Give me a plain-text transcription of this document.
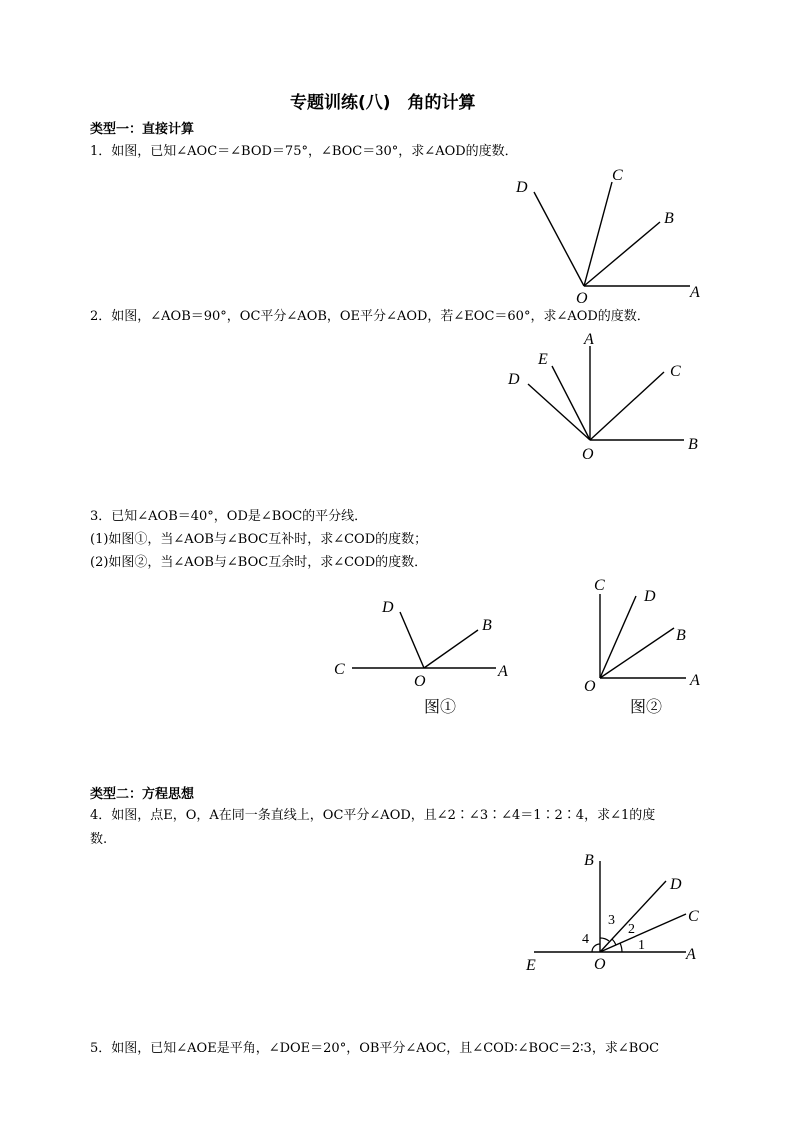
专题训练(八)　角的计算
类型一：直接计算
1．如图，已知∠AOC＝∠BOD＝75°，∠BOC＝30°，求∠AOD的度数．
D
C
B
O	A
2．如图，∠AOB＝90°，OC平分∠AOB，OE平分∠AOD，若∠EOC＝60°，求∠AOD的度数．
E
A
D	C
O
B
3．已知∠AOB＝40°，OD是∠BOC的平分线．
(1)如图①，当∠AOB与∠BOC互补时，求∠COD的度数；
(2)如图②，当∠AOB与∠BOC互余时，求∠COD的度数．
D
B
C
O
A
图①
C
D
B
O	A
图②
类型二：方程思想
4．如图，点E，O，A在同一条直线上，OC平分∠AOD，且∠2∶∠3∶∠4＝1∶2∶4，求∠1的度
数.
B
D
C
E	O
A
3
2
1
4
5．如图，已知∠AOE是平角，∠DOE＝20°，OB平分∠AOC，且∠COD∶∠BOC＝2∶3，求∠BOC
